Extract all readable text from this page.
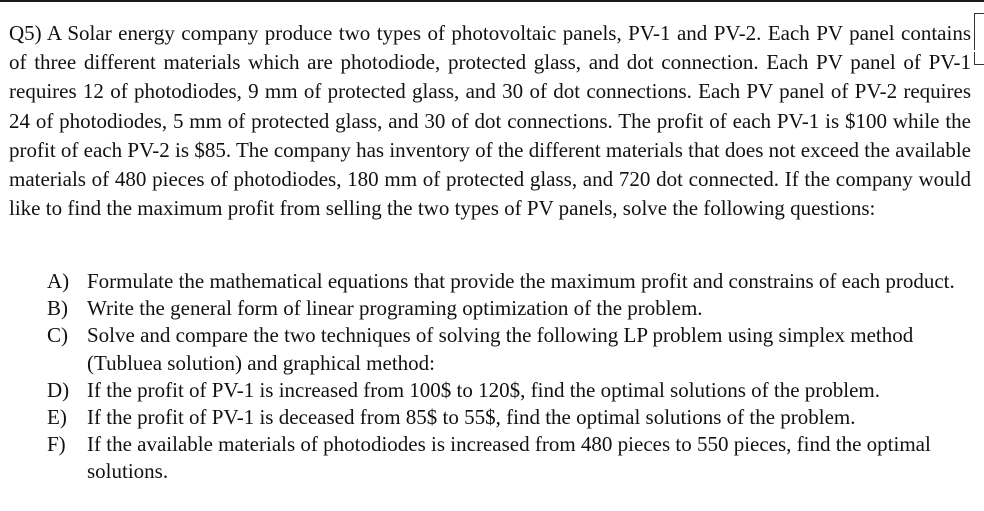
Q5) A Solar energy company produce two types of photovoltaic panels, PV-1 and PV-2. Each PV panel contains of three different materials which are photodiode, protected glass, and dot connection. Each PV panel of PV-1 requires 12 of photodiodes, 9 mm of protected glass, and 30 of dot connections. Each PV panel of PV-2 requires 24 of photodiodes, 5 mm of protected glass, and 30 of dot connections. The profit of each PV-1 is $100 while the profit of each PV-2 is $85. The company has inventory of the different materials that does not exceed the available materials of 480 pieces of photodiodes, 180 mm of protected glass, and 720 dot connected. If the company would like to find the maximum profit from selling the two types of PV panels, solve the following questions:

A) Formulate the mathematical equations that provide the maximum profit and constrains of each product.
B) Write the general form of linear programing optimization of the problem.
C) Solve and compare the two techniques of solving the following LP problem using simplex method (Tubluea solution) and graphical method:
D) If the profit of PV-1 is increased from 100$ to 120$, find the optimal solutions of the problem.
E) If the profit of PV-1 is deceased from 85$ to 55$, find the optimal solutions of the problem.
F)	If the available materials of photodiodes is increased from 480 pieces to 550 pieces, find the optimal solutions.
